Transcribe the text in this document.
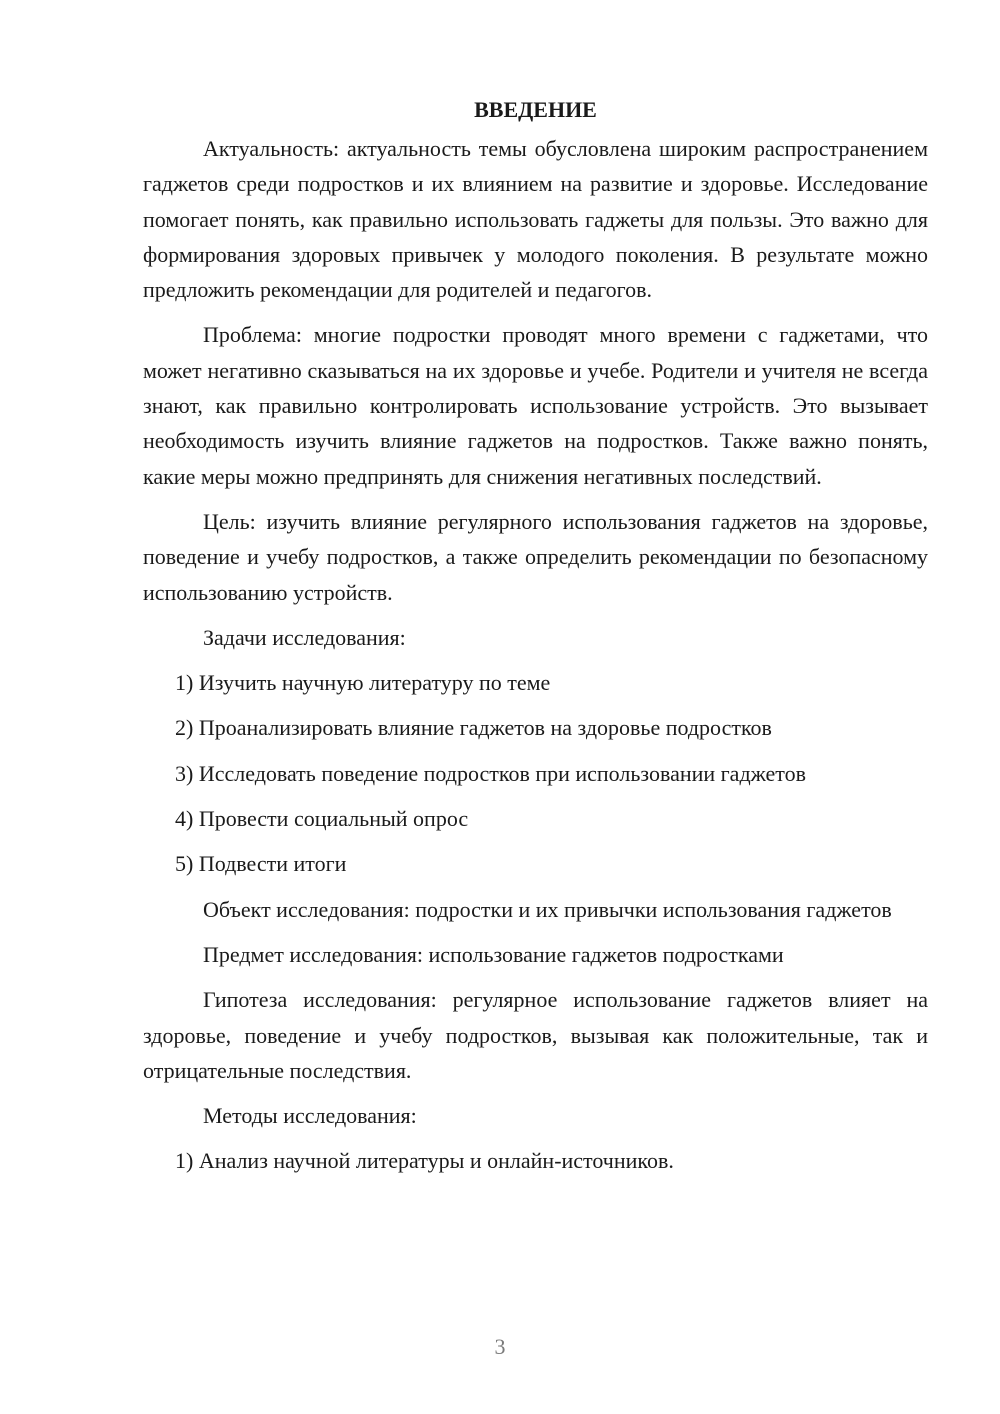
ВВЕДЕНИЕ

Актуальность: актуальность темы обусловлена широким распространением гаджетов среди подростков и их влиянием на развитие и здоровье. Исследование помогает понять, как правильно использовать гаджеты для пользы. Это важно для формирования здоровых привычек у молодого поколения. В результате можно предложить рекомендации для родителей и педагогов.

Проблема: многие подростки проводят много времени с гаджетами, что может негативно сказываться на их здоровье и учебе. Родители и учителя не всегда знают, как правильно контролировать использование устройств. Это вызывает необходимость изучить влияние гаджетов на подростков. Также важно понять, какие меры можно предпринять для снижения негативных последствий.

Цель: изучить влияние регулярного использования гаджетов на здоровье, поведение и учебу подростков, а также определить рекомендации по безопасному использованию устройств.

Задачи исследования:

1) Изучить научную литературу по теме

2) Проанализировать влияние гаджетов на здоровье подростков

3) Исследовать поведение подростков при использовании гаджетов

4) Провести социальный опрос

5) Подвести итоги

Объект исследования: подростки и их привычки использования гаджетов

Предмет исследования: использование гаджетов подростками

Гипотеза исследования: регулярное использование гаджетов влияет на здоровье, поведение и учебу подростков, вызывая как положительные, так и отрицательные последствия.

Методы исследования:

1) Анализ научной литературы и онлайн-источников.

3
